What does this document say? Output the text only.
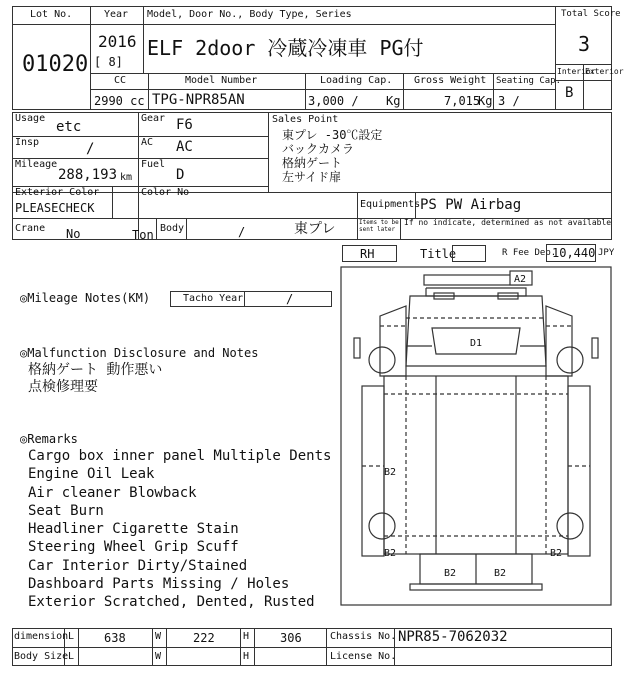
Lot No.
01020
Year
2016
[ 8]
Model, Door No., Body Type, Series
ELF 2door 冷蔵冷凍車 PG付
Total Score
3
Interior
Exterior
B
CC
2990 cc
Model Number
TPG-NPR85AN
Loading Cap.
3,000 / Kg
Gross Weight
7,015
Kg
Seating Cap.
3 /
Usage
etc
Gear F6
Insp	/	AC AC
Mileage
288,193 km
Fuel
D
Sales Point
東プレ -30℃設定
バックカメラ
格納ゲート
左サイド扉
Exterior Color
PLEASECHECK
Color No
Equipments PS PW Airbag
Items to be sent later
If no indicate, determined as not available
Crane No	Ton Body	/	東プレ
RH	Title	R Fee Dep.
10,440 JPY
◎Mileage Notes(KM)	Tacho Year	/
◎Malfunction Disclosure and Notes
格納ゲート 動作悪い
点検修理要
◎Remarks
Cargo box inner panel Multiple Dents
Engine Oil Leak
Air cleaner Blowback
Seat Burn
Headliner Cigarette Stain
Steering Wheel Grip Scuff
Car Interior Dirty/Stained
Dashboard Parts Missing / Holes
Exterior Scratched, Dented, Rusted
A2
D1
B2
B2	B2
B2	B2
dimension L 638	W	222	H	306	Chassis No. NPR85-7062032
Body Size L	W	H	License No.
